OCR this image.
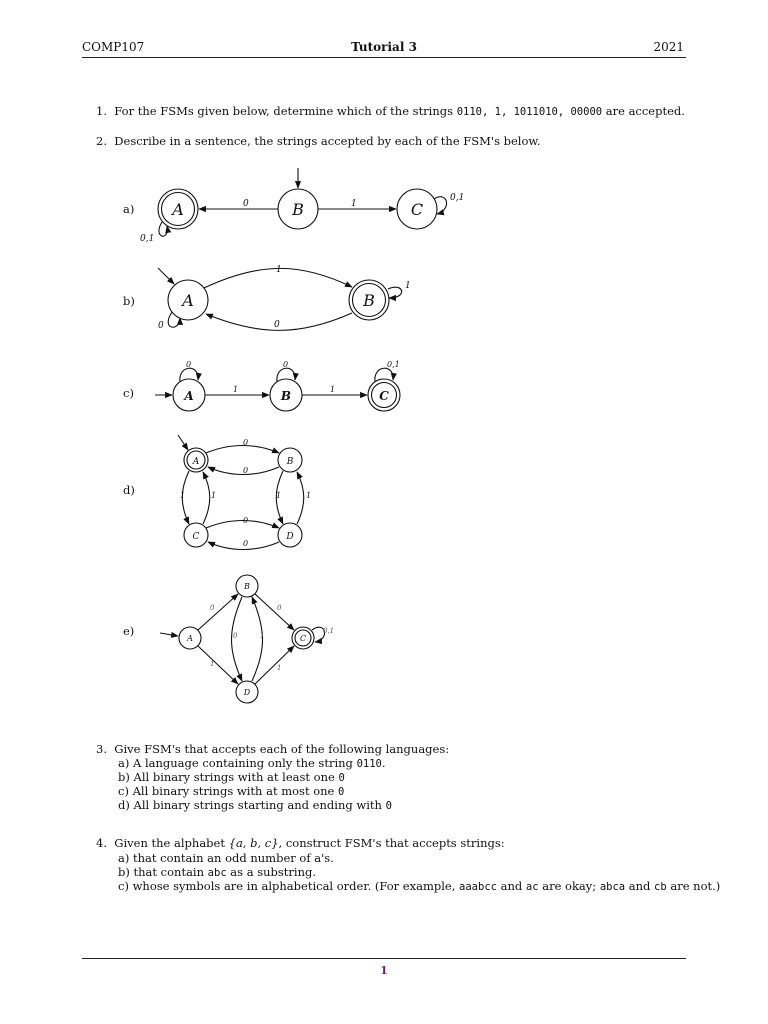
COMP107	Tutorial 3	2021
1. For the FSMs given below, determine which of the strings 0110, 1, 1011010, 00000 are accepted.
2. Describe in a sentence, the strings accepted by each of the FSM's below.
a)
b)
c)
d)
e)
A	B	C
A	B
A	B	C
A	B
C	D
A
B
C
D
0	1
0,1
0,1
1
0
0
1
1	1
0	0	0,1
0
0
0
0
1	1	1	1
0
1
0	1
0
1
0,1
3. Give FSM's that accepts each of the following languages:
a) A language containing only the string 0110.
b) All binary strings with at least one 0
c) All binary strings with at most one 0
d) All binary strings starting and ending with 0
4. Given the alphabet {a, b, c}, construct FSM's that accepts strings:
a) that contain an odd number of a's.
b) that contain abc as a substring.
c) whose symbols are in alphabetical order. (For example, aaabcc and ac are okay; abca and cb are not.)
1
